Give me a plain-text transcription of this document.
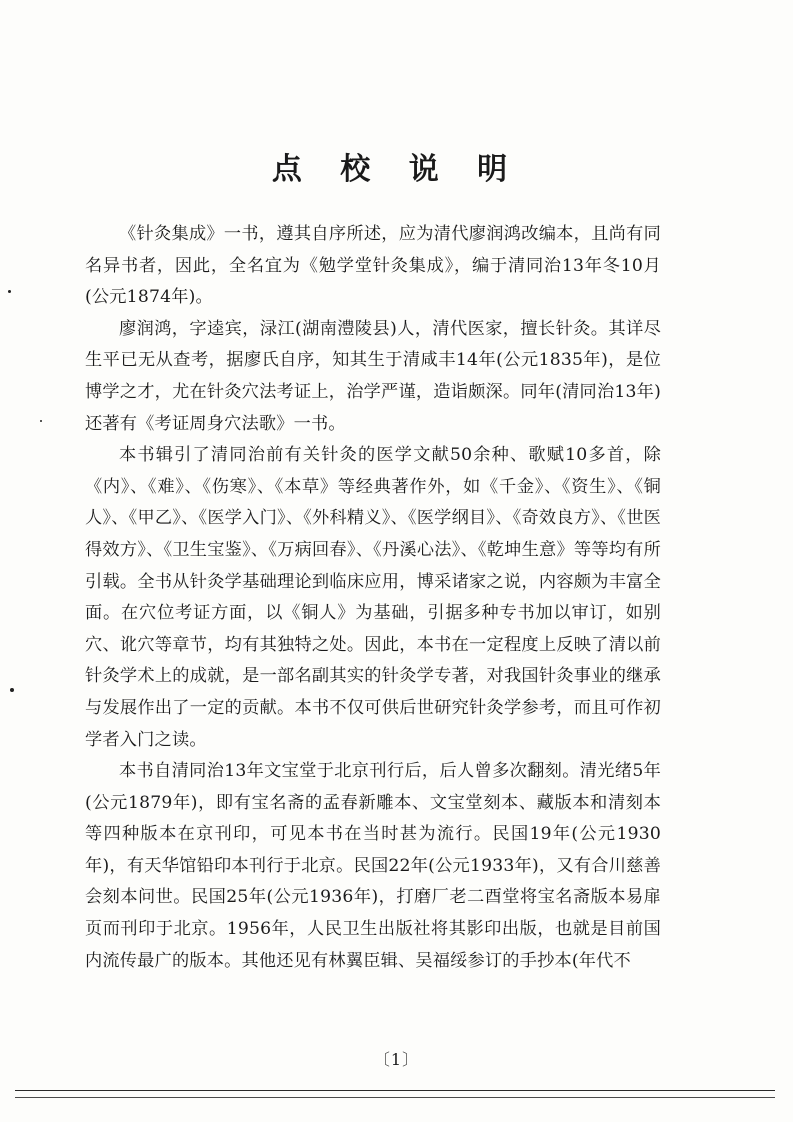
点 校 说 明

《针灸集成》一书，遵其自序所述，应为清代廖润鸿改编本，且尚有同名异书者，因此，全名宜为《勉学堂针灸集成》，编于清同治13年冬10月(公元1874年)。

廖润鸿，字逵宾，渌江(湖南澧陵县)人，清代医家，擅长针灸。其详尽生平已无从查考，据廖氏自序，知其生于清咸丰14年(公元1835年)，是位博学之才，尤在针灸穴法考证上，治学严谨，造诣颇深。同年(清同治13年)还著有《考证周身穴法歌》一书。

本书辑引了清同治前有关针灸的医学文献50余种、歌赋10多首，除《内》、《难》、《伤寒》、《本草》等经典著作外，如《千金》、《资生》、《铜人》、《甲乙》、《医学入门》、《外科精义》、《医学纲目》、《奇效良方》、《世医得效方》、《卫生宝鉴》、《万病回春》、《丹溪心法》、《乾坤生意》等等均有所引载。全书从针灸学基础理论到临床应用，博采诸家之说，内容颇为丰富全面。在穴位考证方面，以《铜人》为基础，引据多种专书加以审订，如别穴、讹穴等章节，均有其独特之处。因此，本书在一定程度上反映了清以前针灸学术上的成就，是一部名副其实的针灸学专著，对我国针灸事业的继承与发展作出了一定的贡献。本书不仅可供后世研究针灸学参考，而且可作初学者入门之读。

本书自清同治13年文宝堂于北京刊行后，后人曾多次翻刻。清光绪5年(公元1879年)，即有宝名斋的孟春新雕本、文宝堂刻本、藏版本和清刻本等四种版本在京刊印，可见本书在当时甚为流行。民国19年(公元1930年)，有天华馆铅印本刊行于北京。民国22年(公元1933年)，又有合川慈善会刻本问世。民国25年(公元1936年)，打磨厂老二酉堂将宝名斋版本易扉页而刊印于北京。1956年，人民卫生出版社将其影印出版，也就是目前国内流传最广的版本。其他还见有林翼臣辑、吴福绥参订的手抄本(年代不

〔1〕
